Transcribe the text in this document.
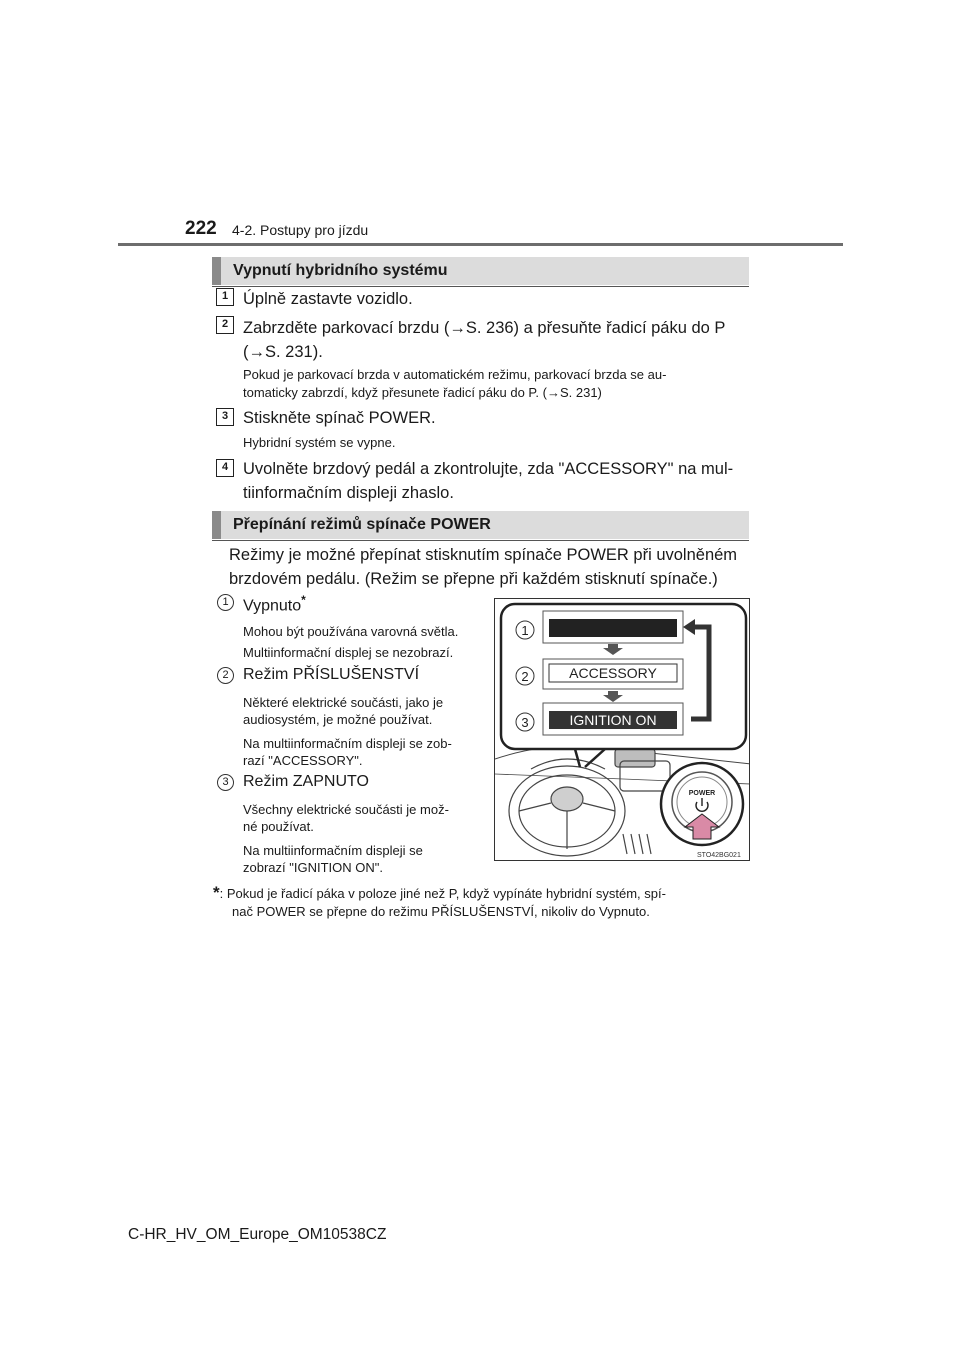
222 4-2. Postupy pro jízdu
Vypnutí hybridního systému
1 Úplně zastavte vozidlo.
2 Zabrzděte parkovací brzdu (→S. 236) a přesuňte řadicí páku do P
(→S. 231).
Pokud je parkovací brzda v automatickém režimu, parkovací brzda se au-
tomaticky zabrzdí, když přesunete řadicí páku do P. (→S. 231)
3 Stiskněte spínač POWER.
Hybridní systém se vypne.
4 Uvolněte brzdový pedál a zkontrolujte, zda "ACCESSORY" na mul-
tiinformačním displeji zhaslo.
Přepínání režimů spínače POWER
Režimy je možné přepínat stisknutím spínače POWER při uvolněném
brzdovém pedálu. (Režim se přepne při každém stisknutí spínače.)
1 Vypnuto*
Mohou být používána varovná světla.
Multiinformační displej se nezobrazí.
2 Režim PŘÍSLUŠENSTVÍ
Některé elektrické součásti, jako je
audiosystém, je možné používat.
Na multiinformačním displeji se zob-
razí "ACCESSORY".
3 Režim ZAPNUTO
Všechny elektrické součásti je mož-
né používat.
Na multiinformačním displeji se
zobrazí "IGNITION ON".
ACCESSORY
IGNITION ON
1
2
3
POWER
STO42BG021
*: Pokud je řadicí páka v poloze jiné než P, když vypínáte hybridní systém, spí-
nač POWER se přepne do režimu PŘÍSLUŠENSTVÍ, nikoliv do Vypnuto.
C-HR_HV_OM_Europe_OM10538CZ
